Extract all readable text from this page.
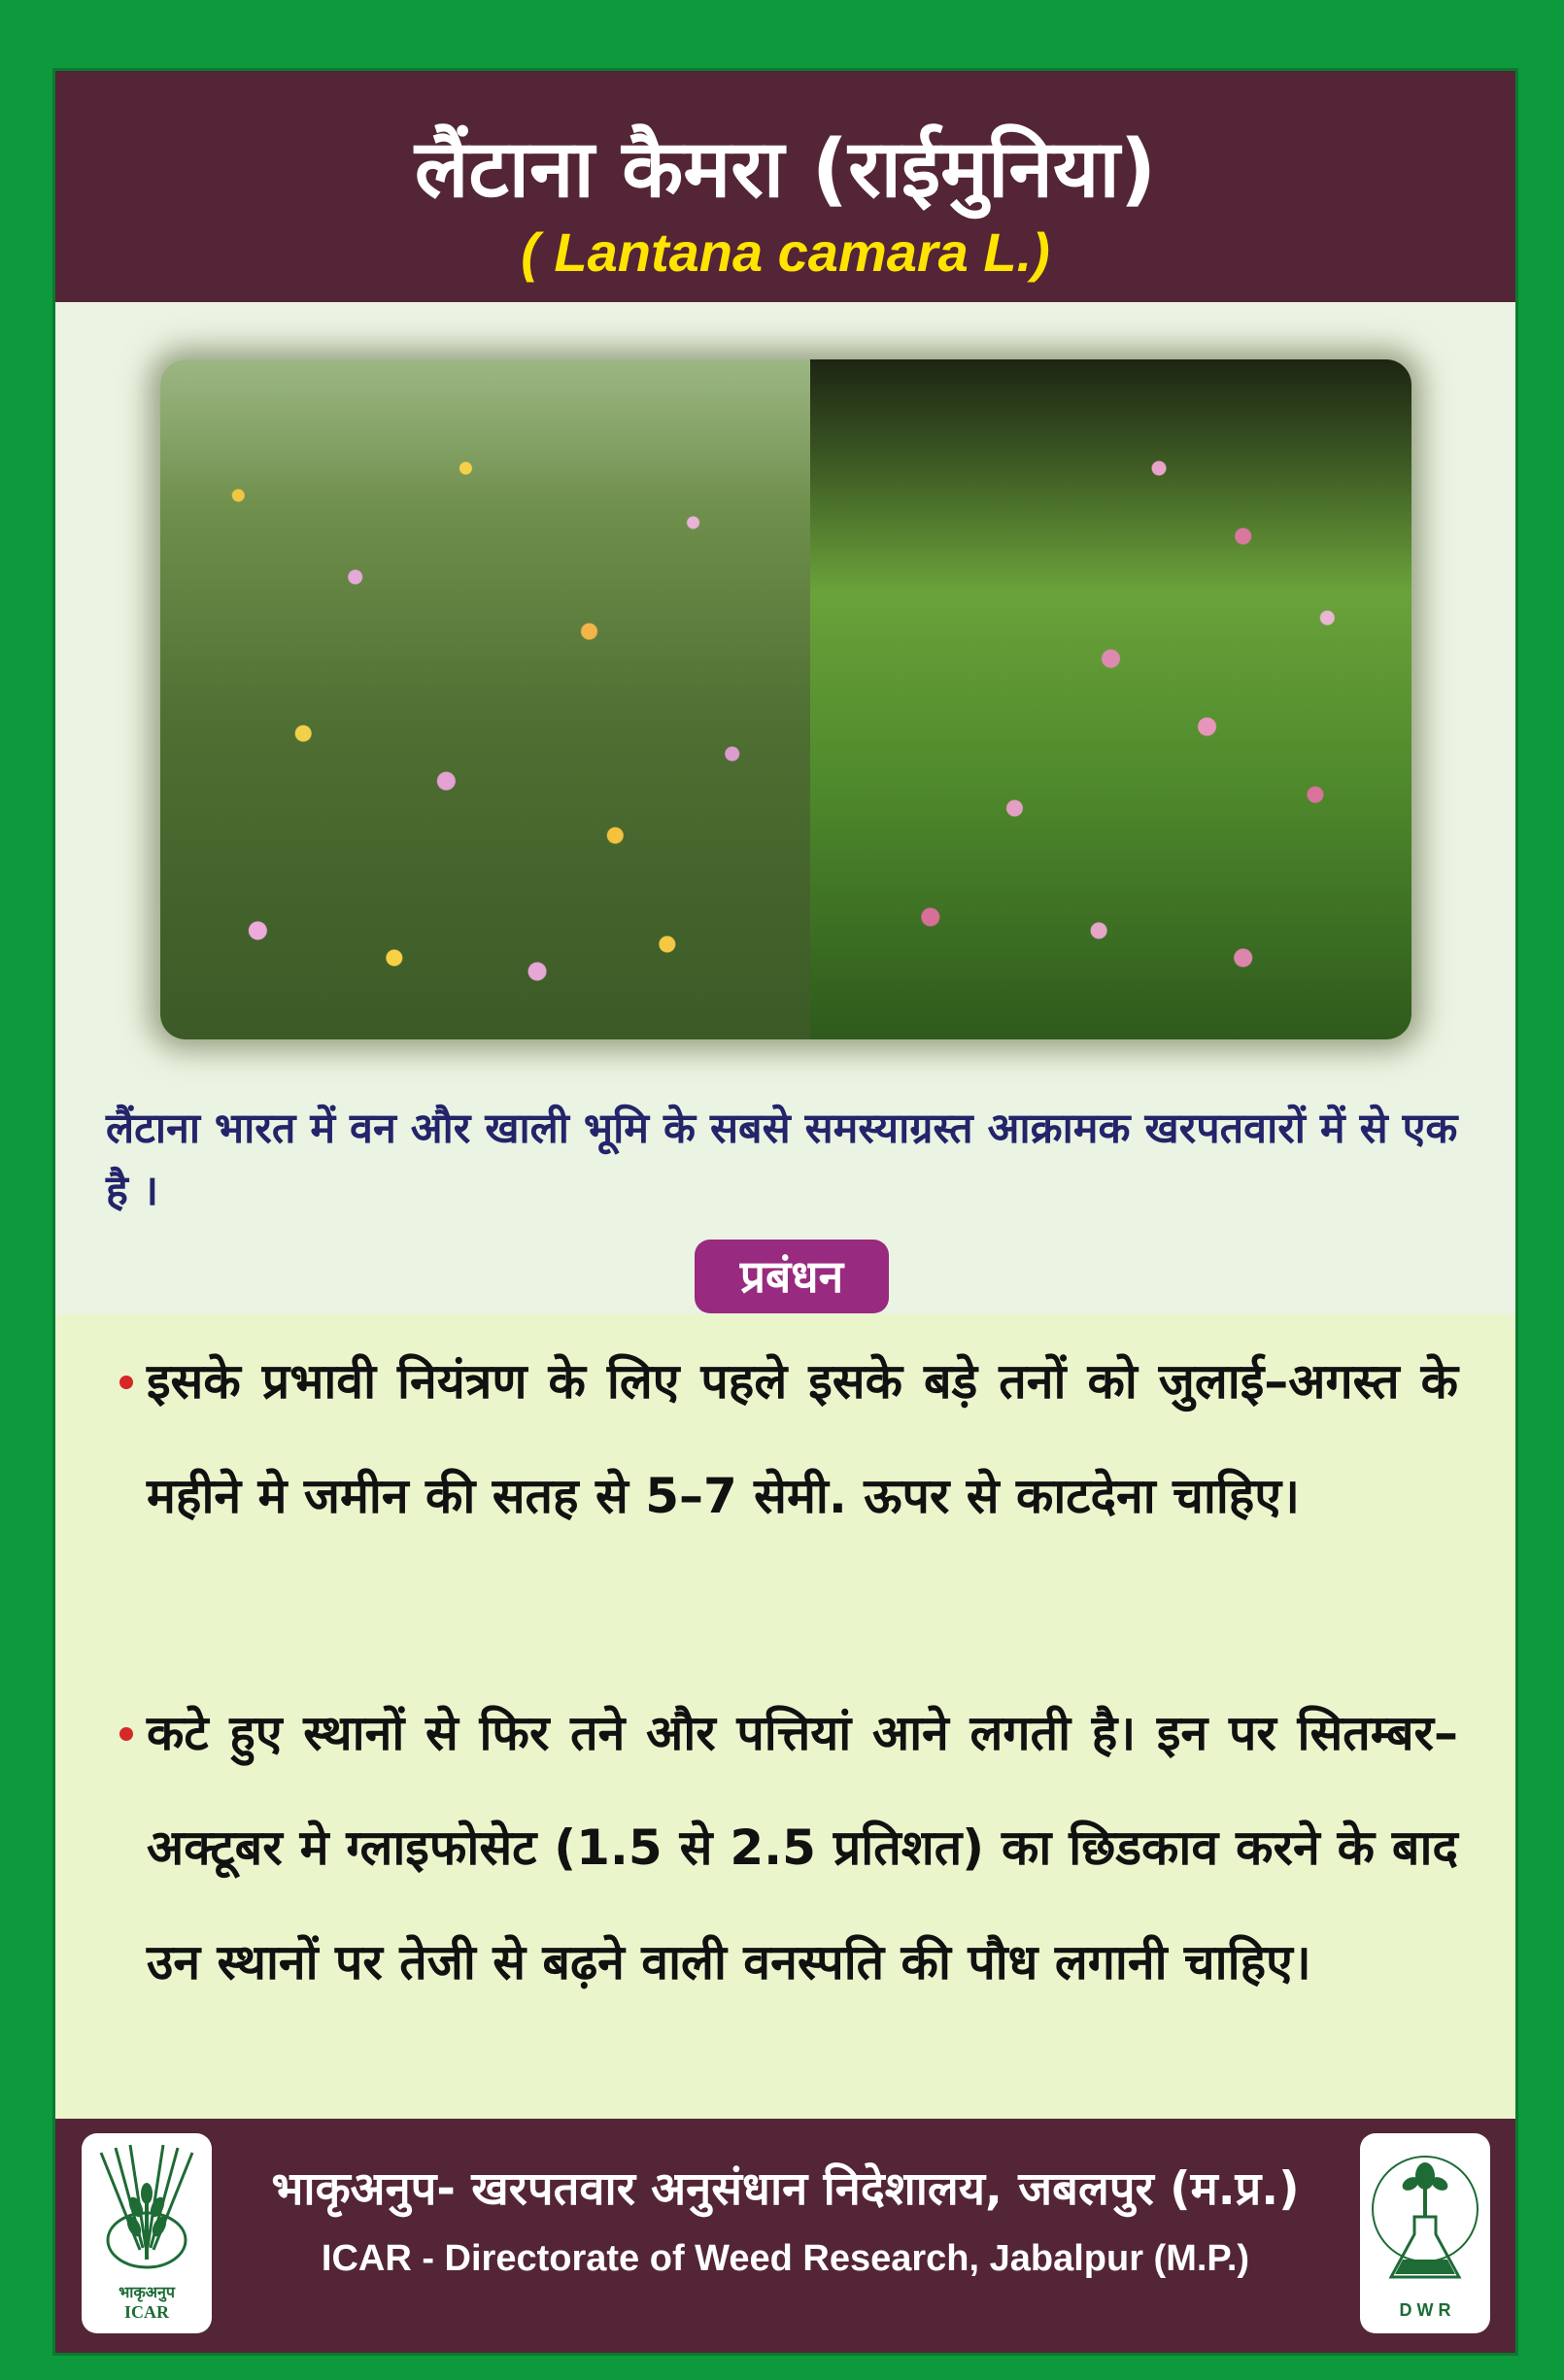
लैंटाना कैमरा (राईमुनिया)
( Lantana camara L.)
लैंटाना भारत में वन और खाली भूमि के सबसे समस्याग्रस्त आक्रामक खरपतवारों में से एक है ।
प्रबंधन
इसके प्रभावी नियंत्रण के लिए पहले इसके बड़े तनों को जुलाई–अगस्त के महीने मे जमीन की सतह से 5–7 सेमी. ऊपर से काटदेना चाहिए।
कटे हुए स्थानों से फिर तने और पत्तियां आने लगती है। इन पर सितम्बर– अक्टूबर मे ग्लाइफोसेट (1.5 से 2.5 प्रतिशत) का छिडकाव करने के बाद उन स्थानों पर तेजी से बढ़ने वाली वनस्पति की पौध लगानी चाहिए।
भाकृअनुप
ICAR
भाकृअनुप- खरपतवार अनुसंधान निदेशालय, जबलपुर (म.प्र.)
ICAR - Directorate of Weed Research, Jabalpur (M.P.)
D W R
